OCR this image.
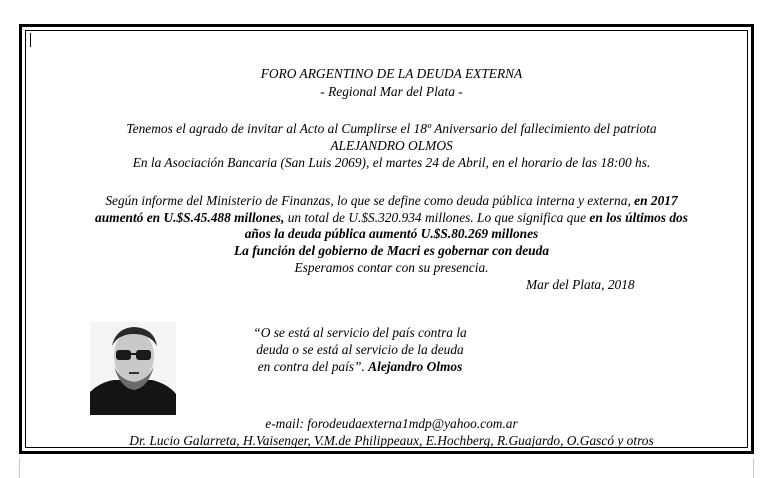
FORO ARGENTINO DE LA DEUDA EXTERNA
- Regional Mar del Plata -
Tenemos el agrado de invitar al Acto al Cumplirse el 18º Aniversario del fallecimiento del patriota
ALEJANDRO OLMOS
En la Asociación Bancaria (San Luis 2069), el martes 24 de Abril, en el horario de las 18:00 hs.
Según informe del Ministerio de Finanzas, lo que se define como deuda pública interna y externa, en 2017
aumentó en U.$S.45.488 millones, un total de U.$S.320.934 millones. Lo que significa que en los últimos dos
años la deuda pública aumentó U.$S.80.269 millones
La función del gobierno de Macri es gobernar con deuda
Esperamos contar con su presencia.
Mar del Plata, 2018
“O se está al servicio del país contra la
deuda o se está al servicio de la deuda
en contra del país”. Alejandro Olmos
e-mail: forodeudaexterna1mdp@yahoo.com.ar
Dr. Lucio Galarreta, H.Vaisenger, V.M.de Philippeaux, E.Hochberg, R.Guajardo, O.Gascó y otros
